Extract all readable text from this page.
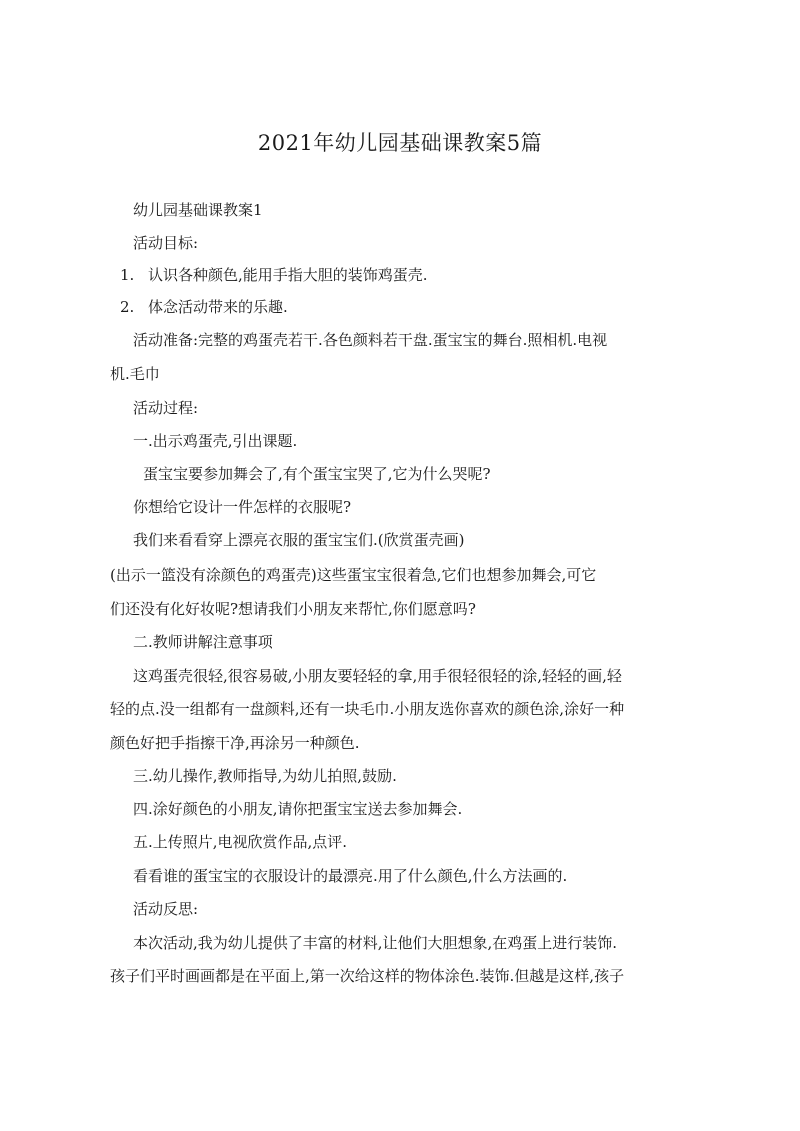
2021年幼儿园基础课教案5篇
幼儿园基础课教案1
活动目标:
1. 认识各种颜色,能用手指大胆的装饰鸡蛋壳.
2. 体念活动带来的乐趣.
活动准备:完整的鸡蛋壳若干.各色颜料若干盘.蛋宝宝的舞台.照相机.电视
机.毛巾
活动过程:
一.出示鸡蛋壳,引出课题.
蛋宝宝要参加舞会了,有个蛋宝宝哭了,它为什么哭呢?
你想给它设计一件怎样的衣服呢?
我们来看看穿上漂亮衣服的蛋宝宝们.(欣赏蛋壳画)
(出示一篮没有涂颜色的鸡蛋壳)这些蛋宝宝很着急,它们也想参加舞会,可它
们还没有化好妆呢?想请我们小朋友来帮忙,你们愿意吗?
二.教师讲解注意事项
这鸡蛋壳很轻,很容易破,小朋友要轻轻的拿,用手很轻很轻的涂,轻轻的画,轻
轻的点.没一组都有一盘颜料,还有一块毛巾.小朋友选你喜欢的颜色涂,涂好一种
颜色好把手指擦干净,再涂另一种颜色.
三.幼儿操作,教师指导,为幼儿拍照,鼓励.
四.涂好颜色的小朋友,请你把蛋宝宝送去参加舞会.
五.上传照片,电视欣赏作品,点评.
看看谁的蛋宝宝的衣服设计的最漂亮.用了什么颜色,什么方法画的.
活动反思:
本次活动,我为幼儿提供了丰富的材料,让他们大胆想象,在鸡蛋上进行装饰.
孩子们平时画画都是在平面上,第一次给这样的物体涂色.装饰.但越是这样,孩子
